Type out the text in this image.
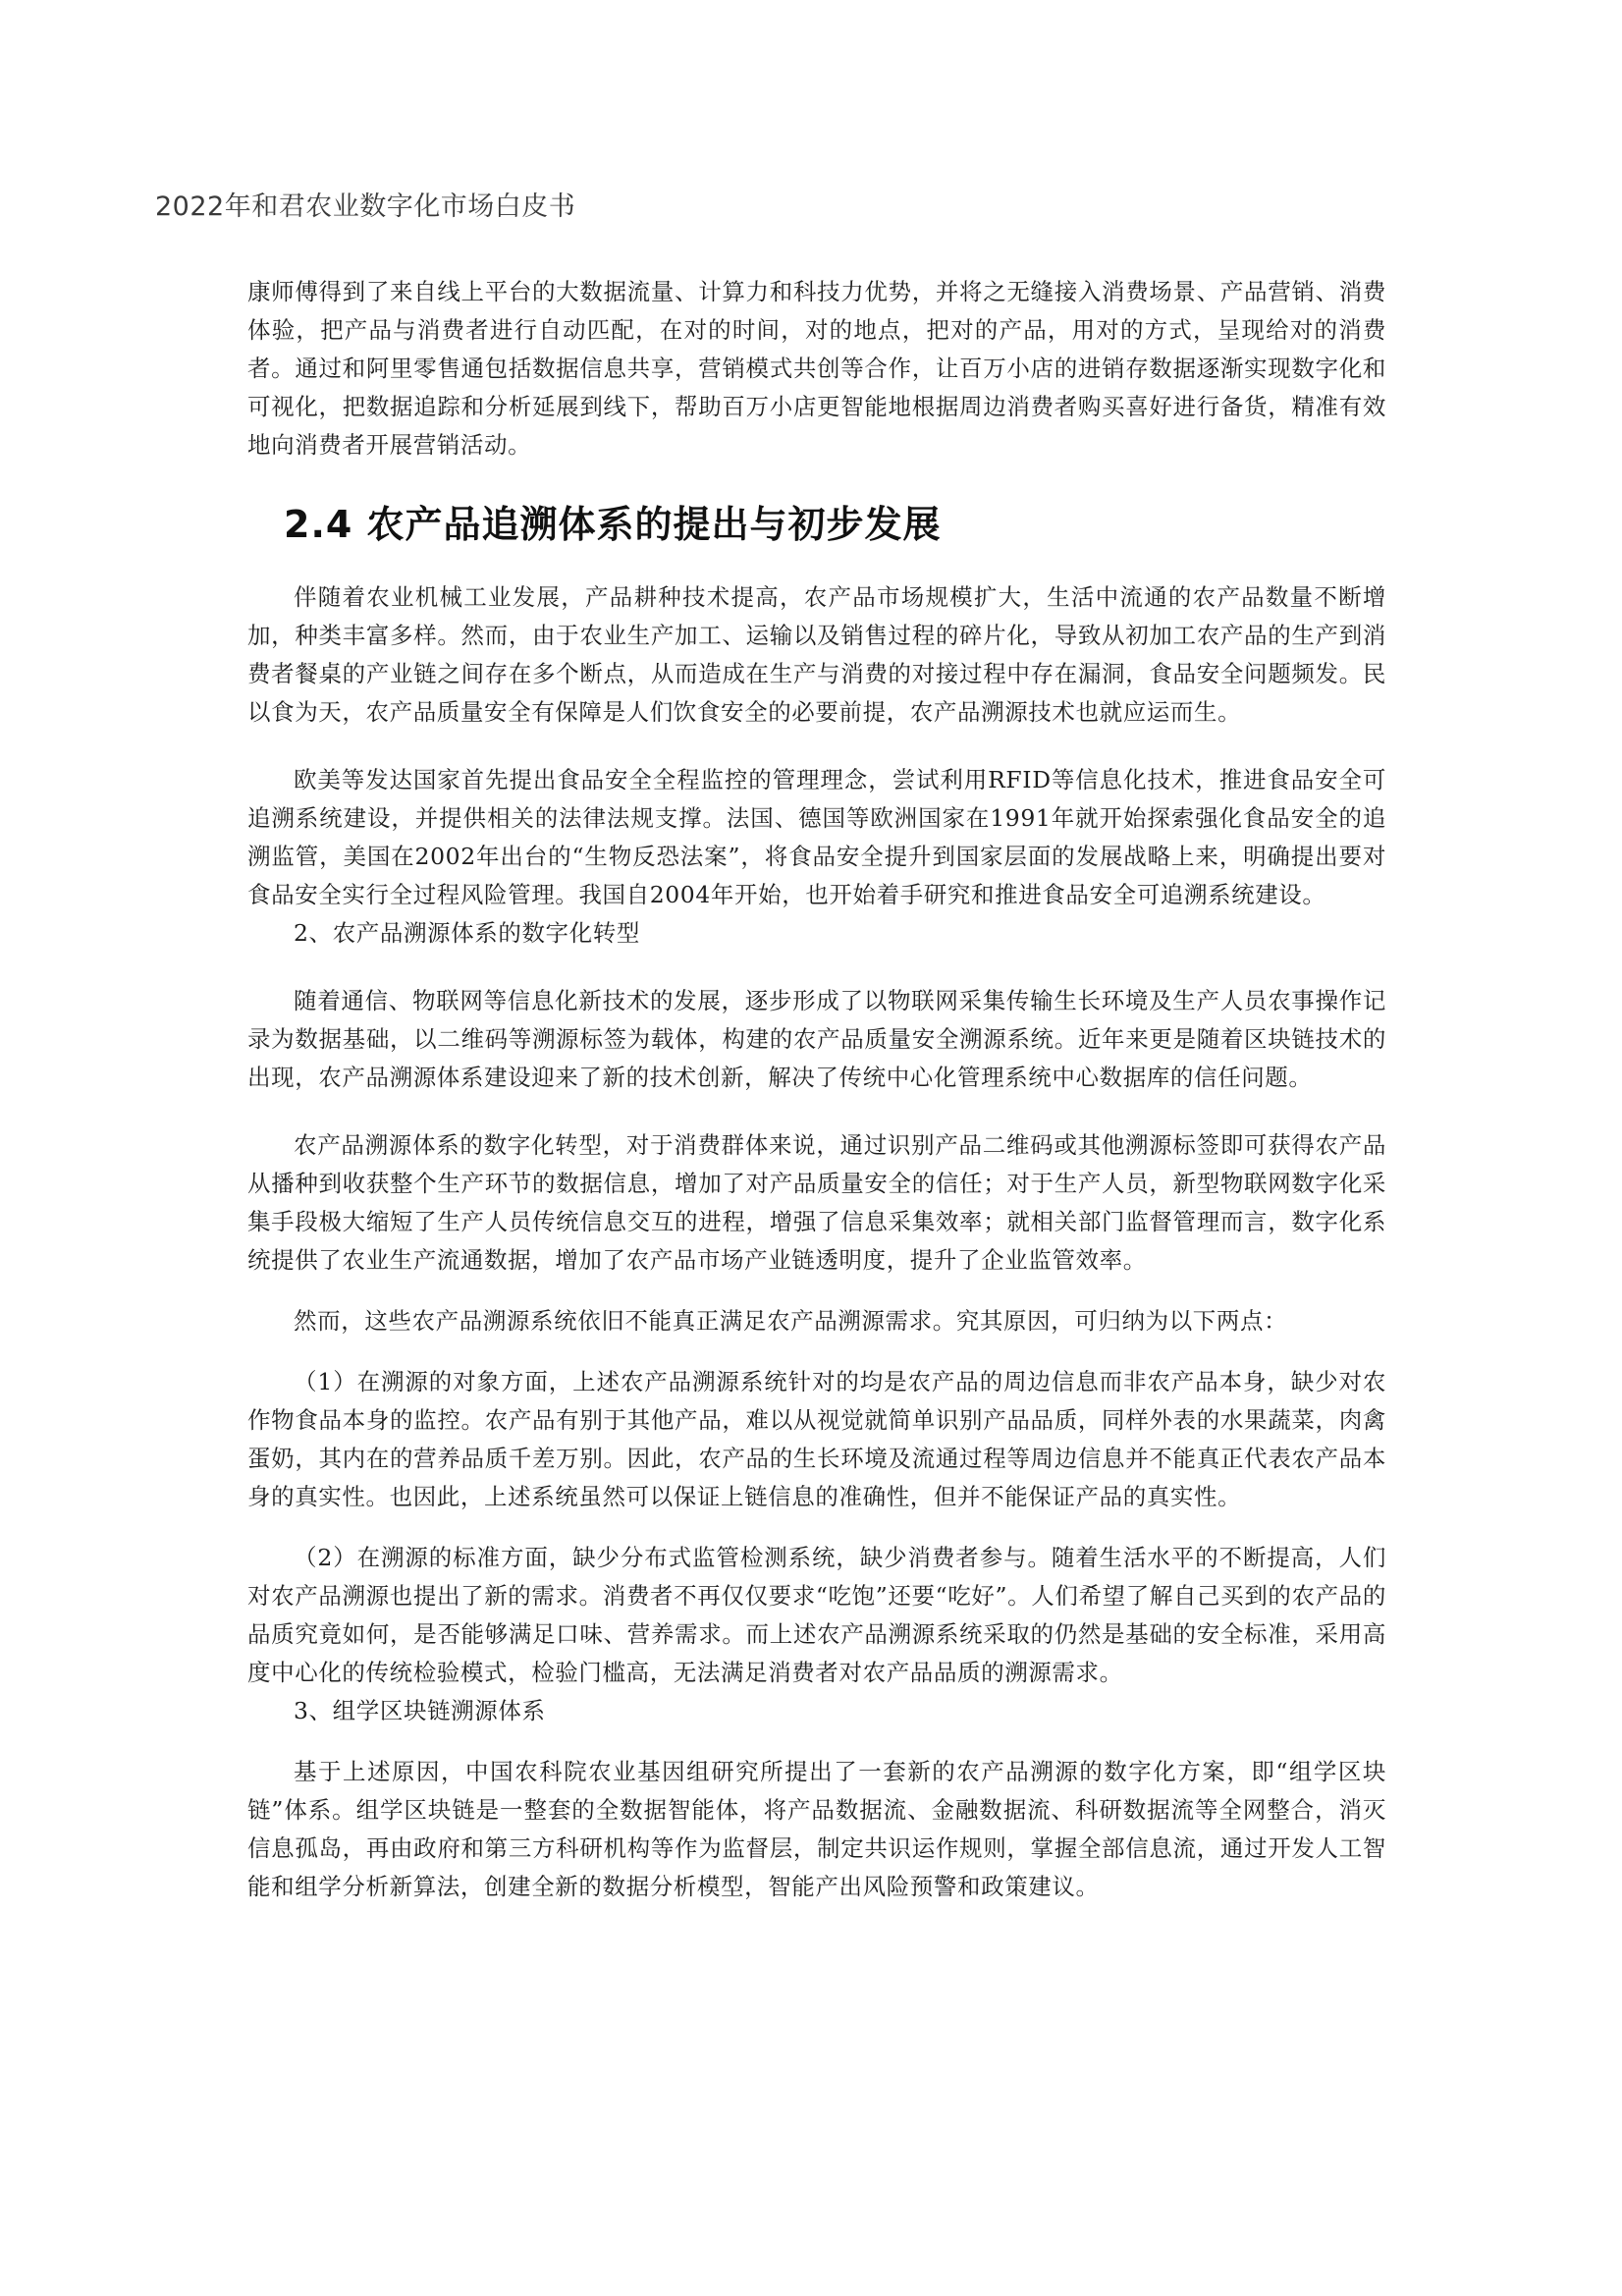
2022年和君农业数字化市场白皮书

康师傅得到了来自线上平台的大数据流量、计算力和科技力优势，并将之无缝接入消费场景、产品营销、消费体验，把产品与消费者进行自动匹配，在对的时间，对的地点，把对的产品，用对的方式，呈现给对的消费者。通过和阿里零售通包括数据信息共享，营销模式共创等合作，让百万小店的进销存数据逐渐实现数字化和可视化，把数据追踪和分析延展到线下，帮助百万小店更智能地根据周边消费者购买喜好进行备货，精准有效地向消费者开展营销活动。

2.4 农产品追溯体系的提出与初步发展

伴随着农业机械工业发展，产品耕种技术提高，农产品市场规模扩大，生活中流通的农产品数量不断增加，种类丰富多样。然而，由于农业生产加工、运输以及销售过程的碎片化，导致从初加工农产品的生产到消费者餐桌的产业链之间存在多个断点，从而造成在生产与消费的对接过程中存在漏洞，食品安全问题频发。民以食为天，农产品质量安全有保障是人们饮食安全的必要前提，农产品溯源技术也就应运而生。

欧美等发达国家首先提出食品安全全程监控的管理理念，尝试利用RFID等信息化技术，推进食品安全可追溯系统建设，并提供相关的法律法规支撑。法国、德国等欧洲国家在1991年就开始探索强化食品安全的追溯监管，美国在2002年出台的“生物反恐法案”，将食品安全提升到国家层面的发展战略上来，明确提出要对食品安全实行全过程风险管理。我国自2004年开始，也开始着手研究和推进食品安全可追溯系统建设。

2、农产品溯源体系的数字化转型

随着通信、物联网等信息化新技术的发展，逐步形成了以物联网采集传输生长环境及生产人员农事操作记录为数据基础，以二维码等溯源标签为载体，构建的农产品质量安全溯源系统。近年来更是随着区块链技术的出现，农产品溯源体系建设迎来了新的技术创新，解决了传统中心化管理系统中心数据库的信任问题。

农产品溯源体系的数字化转型，对于消费群体来说，通过识别产品二维码或其他溯源标签即可获得农产品从播种到收获整个生产环节的数据信息，增加了对产品质量安全的信任；对于生产人员，新型物联网数字化采集手段极大缩短了生产人员传统信息交互的进程，增强了信息采集效率；就相关部门监督管理而言，数字化系统提供了农业生产流通数据，增加了农产品市场产业链透明度，提升了企业监管效率。

然而，这些农产品溯源系统依旧不能真正满足农产品溯源需求。究其原因，可归纳为以下两点：

（1）在溯源的对象方面，上述农产品溯源系统针对的均是农产品的周边信息而非农产品本身，缺少对农作物食品本身的监控。农产品有别于其他产品，难以从视觉就简单识别产品品质，同样外表的水果蔬菜，肉禽蛋奶，其内在的营养品质千差万别。因此，农产品的生长环境及流通过程等周边信息并不能真正代表农产品本身的真实性。也因此，上述系统虽然可以保证上链信息的准确性，但并不能保证产品的真实性。

（2）在溯源的标准方面，缺少分布式监管检测系统，缺少消费者参与。随着生活水平的不断提高，人们对农产品溯源也提出了新的需求。消费者不再仅仅要求“吃饱”还要“吃好”。人们希望了解自己买到的农产品的品质究竟如何，是否能够满足口味、营养需求。而上述农产品溯源系统采取的仍然是基础的安全标准，采用高度中心化的传统检验模式，检验门槛高，无法满足消费者对农产品品质的溯源需求。

3、组学区块链溯源体系

基于上述原因，中国农科院农业基因组研究所提出了一套新的农产品溯源的数字化方案，即“组学区块链”体系。组学区块链是一整套的全数据智能体，将产品数据流、金融数据流、科研数据流等全网整合，消灭信息孤岛，再由政府和第三方科研机构等作为监督层，制定共识运作规则，掌握全部信息流，通过开发人工智能和组学分析新算法，创建全新的数据分析模型，智能产出风险预警和政策建议。
